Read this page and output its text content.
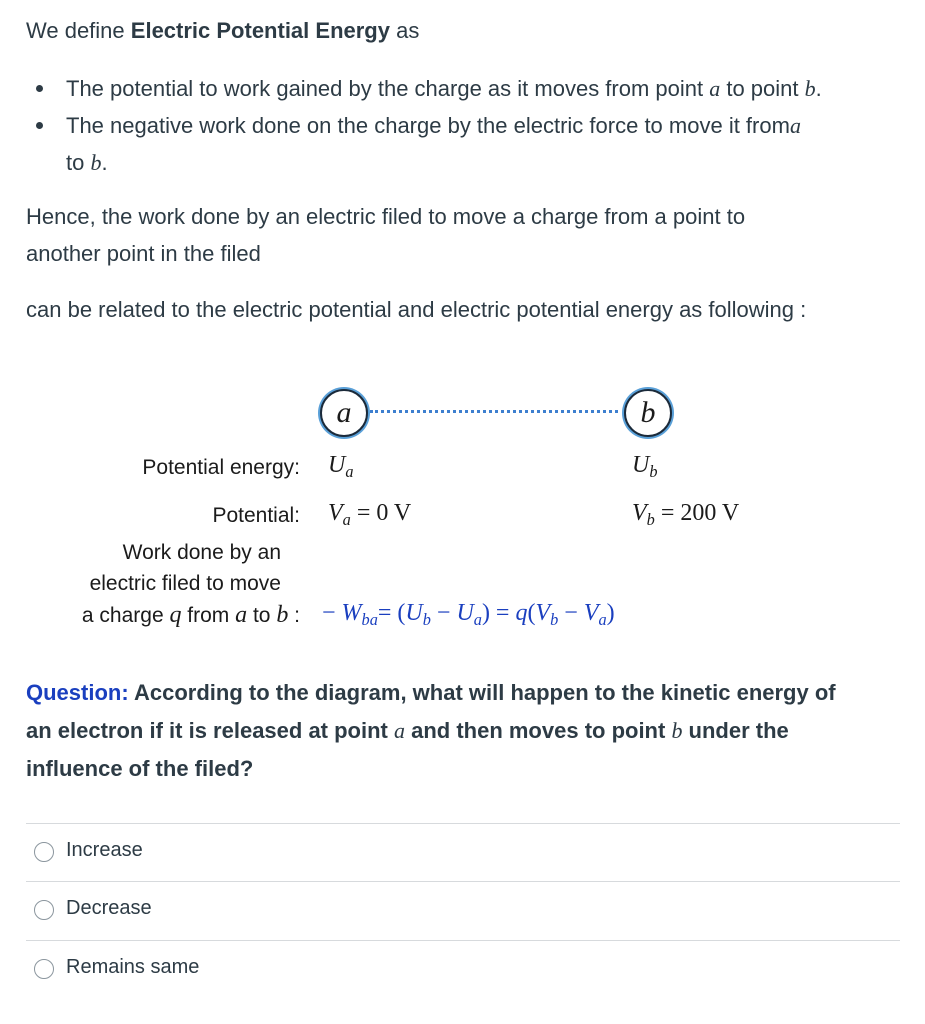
We define Electric Potential Energy as
The potential to work gained by the charge as it moves from point a to point b.
The negative work done on the charge by the electric force to move it froma
to b.
Hence, the work done by an electric filed to move a charge from a point to
another point in the filed
can be related to the electric potential and electric potential energy as following :
a	b
Potential energy: $U_a$	$U_b$
Potential: $V_a = 0$ V	$V_b = 200$ V
Work done by an
electric filed to move
a charge q from a to b : − $W_{ba}= (U_b - U_a) = q(V_b - V_a)$
Question: According to the diagram, what will happen to the kinetic energy of
an electron if it is released at point a and then moves to point b under the
influence of the filed?
Increase
Decrease
Remains same
